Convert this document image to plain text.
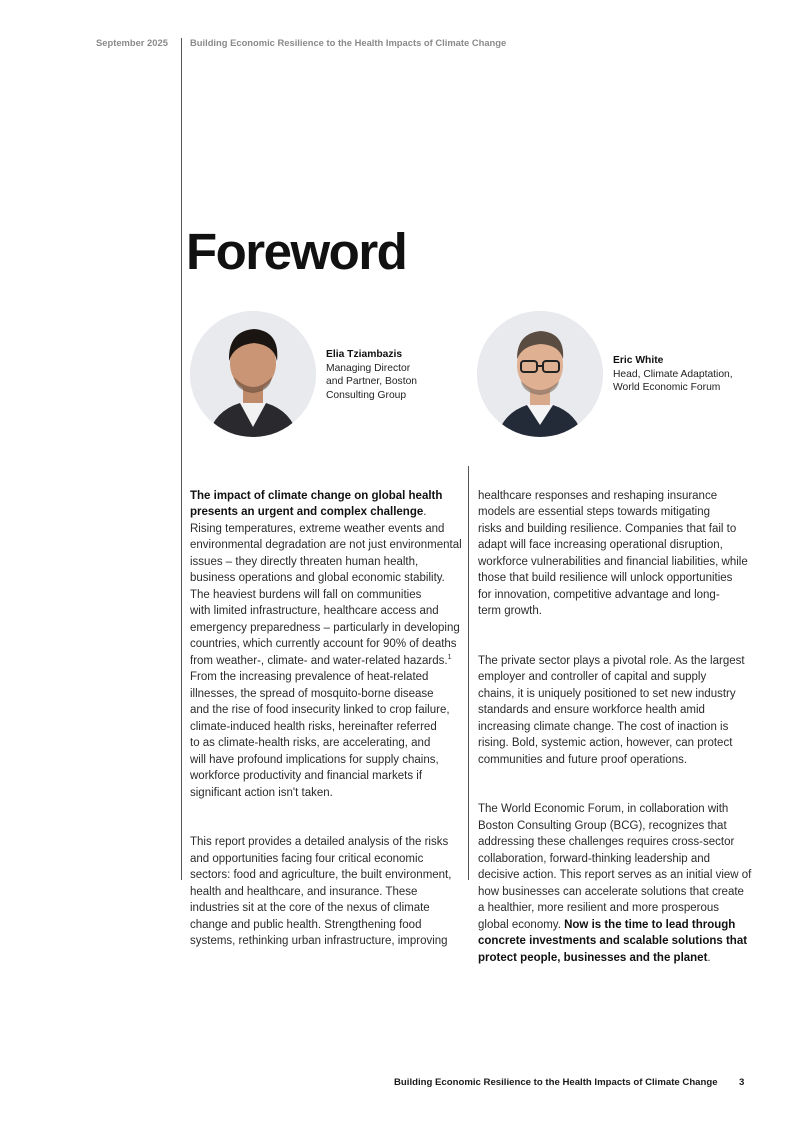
September 2025 Building Economic Resilience to the Health Impacts of Climate Change
Foreword
Elia Tziambazis
Managing Director
and Partner, Boston
Consulting Group
Eric White
Head, Climate Adaptation,
World Economic Forum

The impact of climate change on global health
presents an urgent and complex challenge.
Rising temperatures, extreme weather events and
environmental degradation are not just environmental
issues – they directly threaten human health,
business operations and global economic stability.
The heaviest burdens will fall on communities
with limited infrastructure, healthcare access and
emergency preparedness – particularly in developing
countries, which currently account for 90% of deaths
from weather-, climate- and water-related hazards.$^1$
From the increasing prevalence of heat-related
illnesses, the spread of mosquito-borne disease
and the rise of food insecurity linked to crop failure,
climate-induced health risks, hereinafter referred
to as climate-health risks, are accelerating, and
will have profound implications for supply chains,
workforce productivity and financial markets if
significant action isn't taken.

This report provides a detailed analysis of the risks
and opportunities facing four critical economic
sectors: food and agriculture, the built environment,
health and healthcare, and insurance. These
industries sit at the core of the nexus of climate
change and public health. Strengthening food
systems, rethinking urban infrastructure, improving

healthcare responses and reshaping insurance
models are essential steps towards mitigating
risks and building resilience. Companies that fail to
adapt will face increasing operational disruption,
workforce vulnerabilities and financial liabilities, while
those that build resilience will unlock opportunities
for innovation, competitive advantage and long-
term growth.

The private sector plays a pivotal role. As the largest
employer and controller of capital and supply
chains, it is uniquely positioned to set new industry
standards and ensure workforce health amid
increasing climate change. The cost of inaction is
rising. Bold, systemic action, however, can protect
communities and future proof operations.

The World Economic Forum, in collaboration with
Boston Consulting Group (BCG), recognizes that
addressing these challenges requires cross-sector
collaboration, forward-thinking leadership and
decisive action. This report serves as an initial view of
how businesses can accelerate solutions that create
a healthier, more resilient and more prosperous
global economy. Now is the time to lead through
concrete investments and scalable solutions that
protect people, businesses and the planet.

Building Economic Resilience to the Health Impacts of Climate Change 3
